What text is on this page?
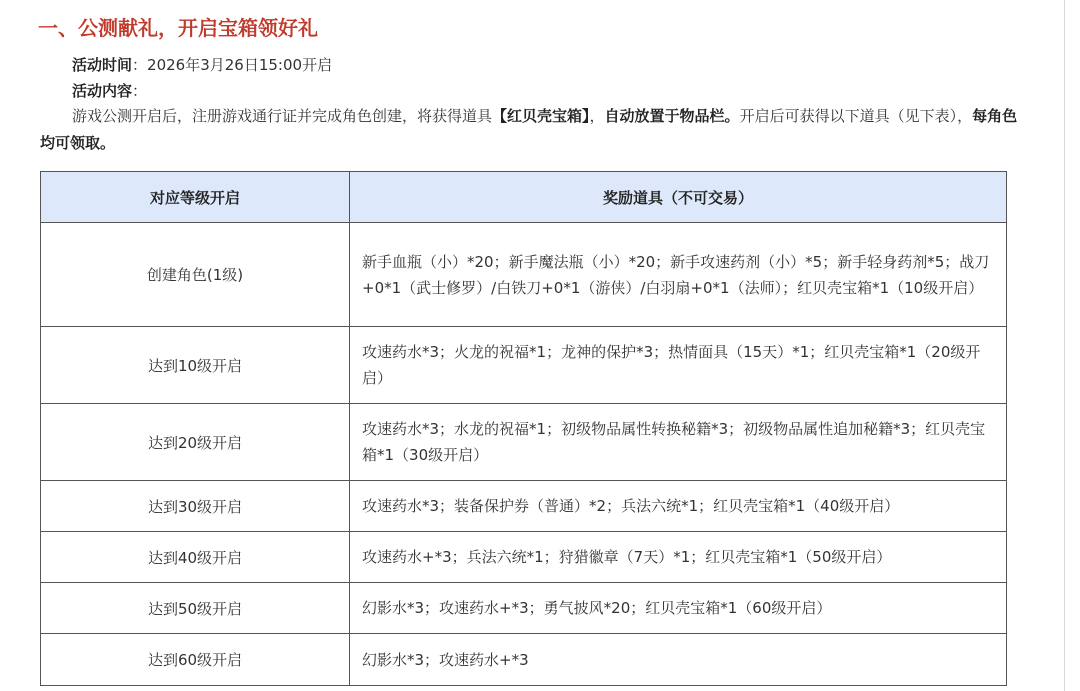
一、公测献礼，开启宝箱领好礼
活动时间：2026年3月26日15:00开启
活动内容：
游戏公测开启后，注册游戏通行证并完成角色创建，将获得道具【红贝壳宝箱】，自动放置于物品栏。开启后可获得以下道具（见下表），每角色均可领取。
对应等级开启	奖励道具（不可交易）
创建角色(1级)	新手血瓶（小）*20；新手魔法瓶（小）*20；新手攻速药剂（小）*5；新手轻身药剂*5；战刀+0*1（武士修罗）/白铁刀+0*1（游侠）/白羽扇+0*1（法师）；红贝壳宝箱*1（10级开启）
达到10级开启	攻速药水*3；火龙的祝福*1；龙神的保护*3；热情面具（15天）*1；红贝壳宝箱*1（20级开启）
达到20级开启	攻速药水*3；水龙的祝福*1；初级物品属性转换秘籍*3；初级物品属性追加秘籍*3；红贝壳宝箱*1（30级开启）
达到30级开启	攻速药水*3；装备保护券（普通）*2；兵法六统*1；红贝壳宝箱*1（40级开启）
达到40级开启	攻速药水+*3；兵法六统*1；狩猎徽章（7天）*1；红贝壳宝箱*1（50级开启）
达到50级开启	幻影水*3；攻速药水+*3；勇气披风*20；红贝壳宝箱*1（60级开启）
达到60级开启	幻影水*3；攻速药水+*3
